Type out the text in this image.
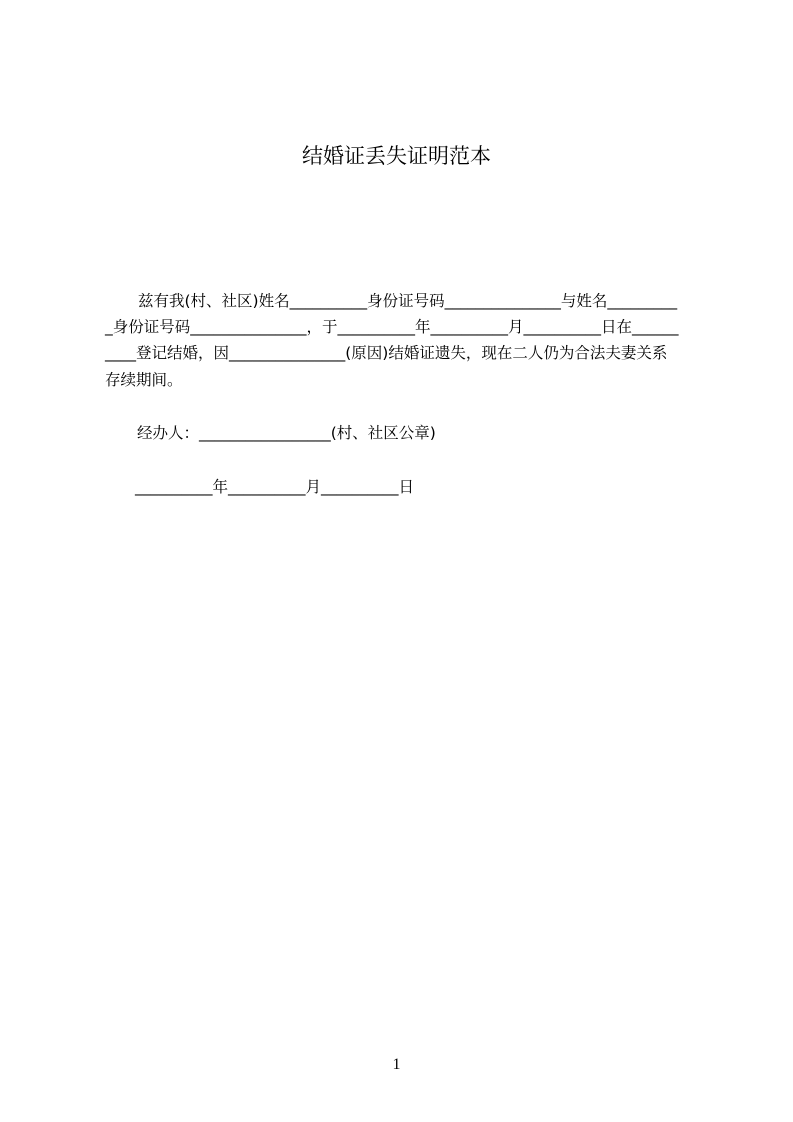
结婚证丢失证明范本
兹有我(村、社区)姓名__________身份证号码_______________与姓名_________
_身份证号码_______________，于__________年__________月__________日在______
____登记结婚，因_______________(原因)结婚证遗失，现在二人仍为合法夫妻关系
存续期间。
经办人：_________________(村、社区公章)
__________年__________月__________日
1
